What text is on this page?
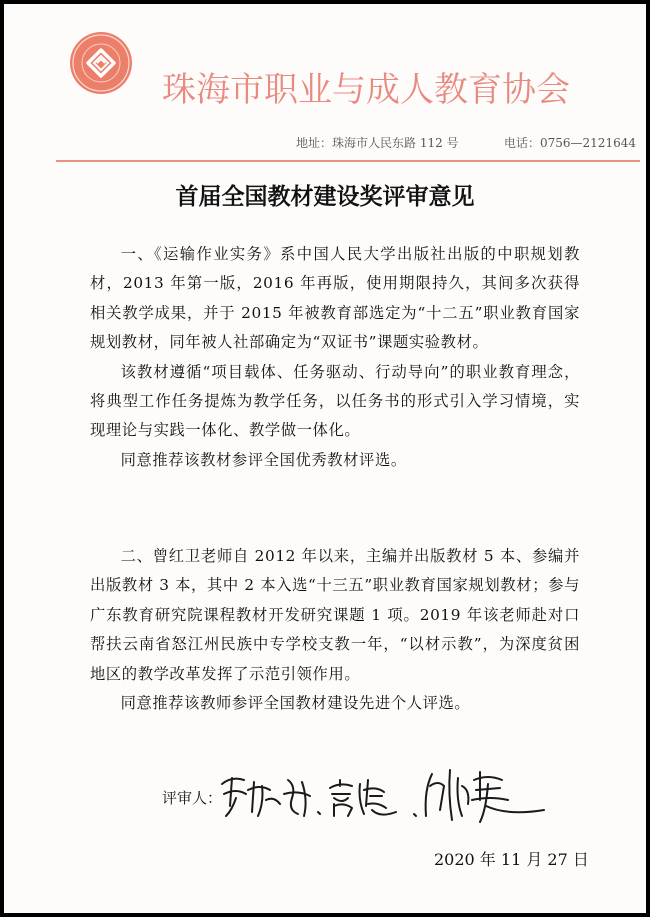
珠海市职业与成人教育协会
地址：珠海市人民东路 112 号	电话：0756—2121644
首届全国教材建设奖评审意见

一、《运输作业实务》系中国人民大学出版社出版的中职规划教材，2013 年第一版，2016 年再版，使用期限持久，其间多次获得相关教学成果，并于 2015 年被教育部选定为“十二五”职业教育国家规划教材，同年被人社部确定为“双证书”课题实验教材。

该教材遵循“项目载体、任务驱动、行动导向”的职业教育理念，将典型工作任务提炼为教学任务，以任务书的形式引入学习情境，实现理论与实践一体化、教学做一体化。

同意推荐该教材参评全国优秀教材评选。

二、曾红卫老师自 2012 年以来，主编并出版教材 5 本、参编并出版教材 3 本，其中 2 本入选“十三五”职业教育国家规划教材；参与广东教育研究院课程教材开发研究课题 1 项。2019 年该老师赴对口帮扶云南省怒江州民族中专学校支教一年，“以材示教”，为深度贫困地区的教学改革发挥了示范引领作用。

同意推荐该教师参评全国教材建设先进个人评选。

评审人：
2020 年 11 月 27 日
